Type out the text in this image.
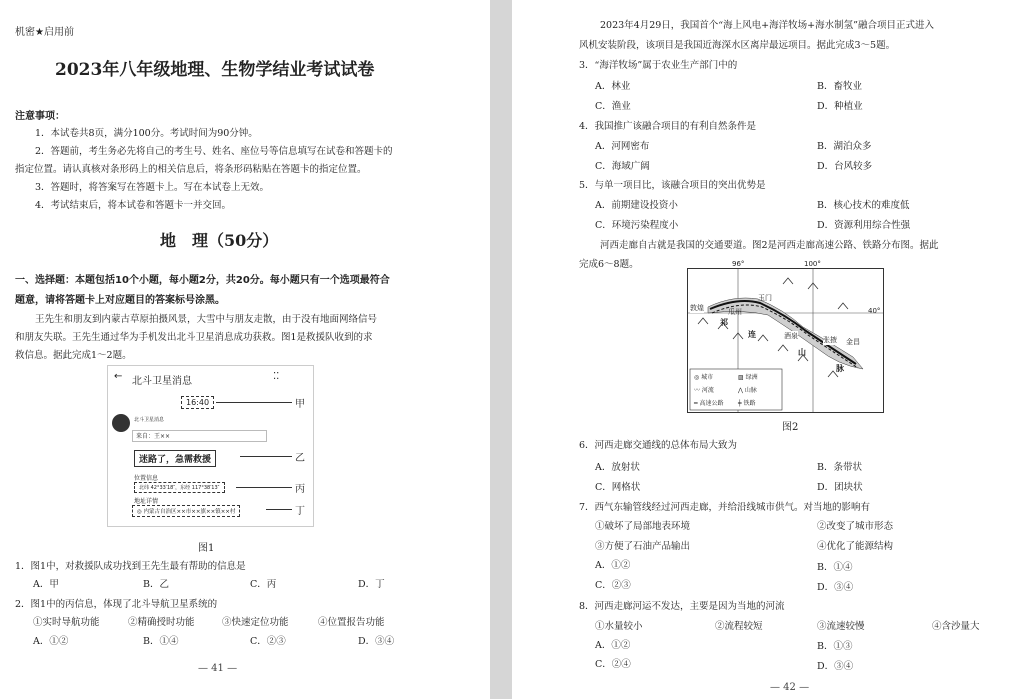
机密★启用前
2023年八年级地理、生物学结业考试试卷
注意事项：
1．本试卷共8页，满分100分。考试时间为90分钟。
2．答题前，考生务必先将自己的考生号、姓名、座位号等信息填写在试卷和答题卡的
指定位置。请认真核对条形码上的相关信息后，将条形码粘贴在答题卡的指定位置。
3．答题时，将答案写在答题卡上。写在本试卷上无效。
4．考试结束后，将本试卷和答题卡一并交回。
地　理（50分）
一、选择题：本题包括10个小题，每小题2分，共20分。每小题只有一个选项最符合
题意，请将答题卡上对应题目的答案标号涂黑。
王先生和朋友到内蒙古草原拍摄风景，大雪中与朋友走散，由于没有地面网络信号
和朋友失联。王先生通过华为手机发出北斗卫星消息成功获救。图1是救援队收到的求
救信息。据此完成1～2题。
← 北斗卫星消息	⁚⁚
16:40
北斗卫星消息
来自：王××
迷路了，急需救援
位置信息
北纬 42°33′18″，东经 117°38′13″
地址详情
◎ 内蒙古自治区××市××旗××镇××村
甲
乙
丙
丁
图1
1．图1中，对救援队成功找到王先生最有帮助的信息是
A．甲	B．乙	C．丙	D．丁
2．图1中的丙信息，体现了北斗导航卫星系统的
①实时导航功能	②精确授时功能	③快速定位功能	④位置报告功能
A．①②	B．①④	C．②③	D．③④
— 41 —
2023年4月29日，我国首个“海上风电+海洋牧场+海水制氢”融合项目正式进入
风机安装阶段，该项目是我国近海深水区离岸最远项目。据此完成3～5题。
3．“海洋牧场”属于农业生产部门中的
A．林业	B．畜牧业
C．渔业	D．种植业
4．我国推广该融合项目的有利自然条件是
A．河网密布	B．湖泊众多
C．海域广阔	D．台风较多
5．与单一项目比，该融合项目的突出优势是
A．前期建设投资小	B．核心技术的难度低
C．环境污染程度小	D．资源利用综合性强
河西走廊自古就是我国的交通要道。图2是河西走廊高速公路、铁路分布图。据此
完成6～8题。
图2
6．河西走廊交通线的总体布局大致为
A．放射状	B．条带状
C．网格状	D．团块状
7．西气东输管线经过河西走廊，并给沿线城市供气。对当地的影响有
①破坏了局部地表环境	②改变了城市形态
③方便了石油产品输出	④优化了能源结构
A．①②	B．①④
C．②③	D．③④
8．河西走廊河运不发达，主要是因为当地的河流
①水量较小	②流程较短	③流速较慢	④含沙量大
A．①②	B．①③
C．②④	D．③④
— 42 —
96°	100°
40°
敦煌
玉门
瓜州
酒泉	张掖 金昌
祁
连
山
脉
◎ 城市	▨ 绿洲
〰 河流	⋀ 山脉
━ 高速公路 ┿ 铁路
